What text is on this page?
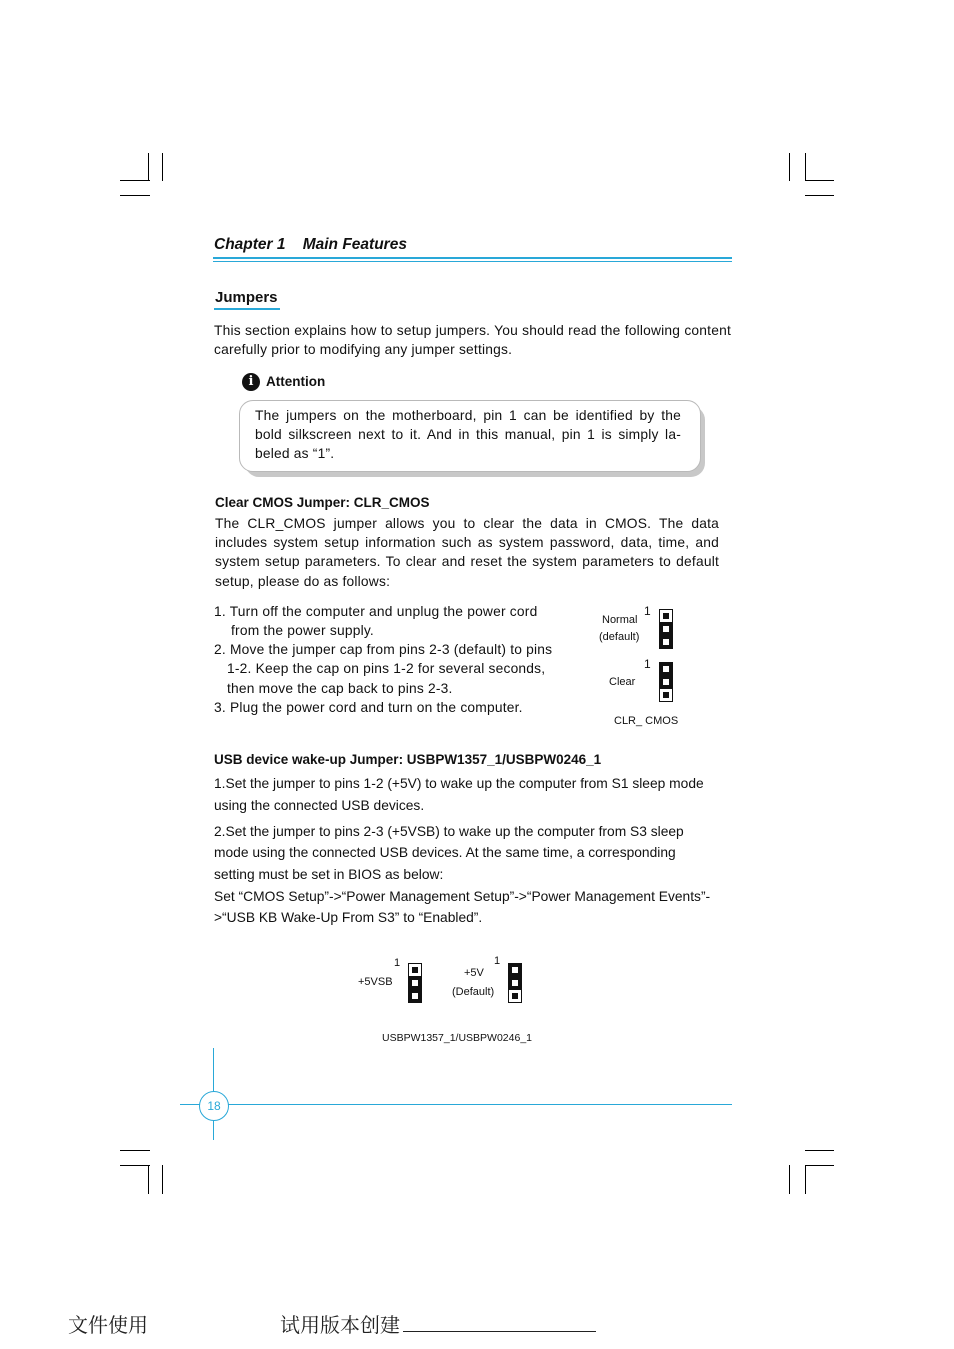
Chapter 1    Main Features
Jumpers
This section explains how to setup jumpers. You should read the following content carefully prior to modifying any jumper settings.
i Attention
The jumpers on the motherboard, pin 1 can be identified by the bold silkscreen next to it. And in this manual, pin 1 is simply la-beled as “1”.
Clear CMOS Jumper: CLR_CMOS
The CLR_CMOS jumper allows you to clear the data in CMOS. The data includes system setup information such as system password, data, time, and system setup parameters. To clear and reset the system parameters to default setup, please do as follows:
1. Turn off the computer and unplug the power cord
from the power supply.
2. Move the jumper cap from pins 2-3 (default) to pins
1-2. Keep the cap on pins 1-2 for several seconds,
then move the cap back to pins 2-3.
3. Plug the power cord and turn on the computer.
1
Normal
(default)
1
Clear
CLR_ CMOS
USB device wake-up Jumper: USBPW1357_1/USBPW0246_1
1.Set the jumper to pins 1-2 (+5V) to wake up the computer from S1 sleep mode
using the connected USB devices.
2.Set the jumper to pins 2-3 (+5VSB) to wake up the computer from S3 sleep
mode using the connected USB devices. At the same time, a corresponding
setting must be set in BIOS as below:
Set “CMOS Setup”->“Power Management Setup”->“Power Management Events”-
>“USB KB Wake-Up From S3” to “Enabled”.
1
+5VSB
1
+5V
(Default)
USBPW1357_1/USBPW0246_1
18
文件使用	试用版本创建
